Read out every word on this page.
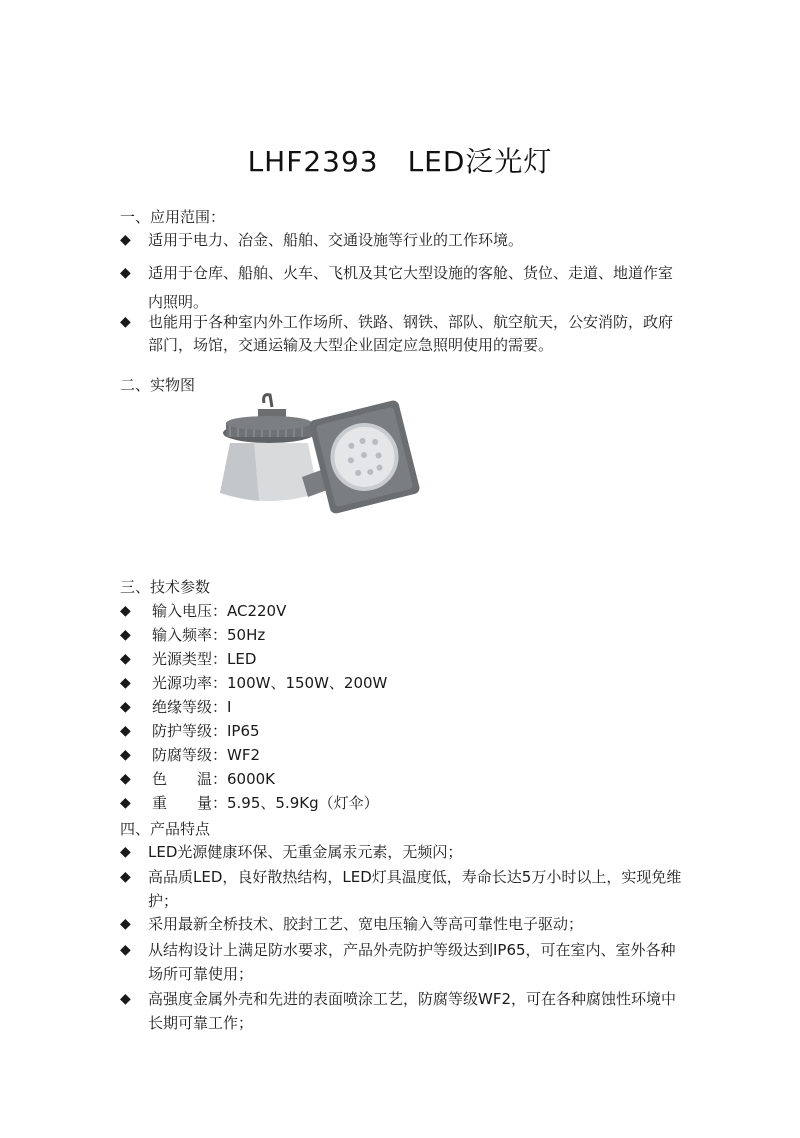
LHF2393　LED泛光灯
一、应用范围：
◆ 适用于电力、冶金、船舶、交通设施等行业的工作环境。
◆ 适用于仓库、船舶、火车、飞机及其它大型设施的客舱、货位、走道、地道作室内照明。
◆ 也能用于各种室内外工作场所、铁路、钢铁、部队、航空航天，公安消防，政府部门，场馆，交通运输及大型企业固定应急照明使用的需要。
二、实物图
三、技术参数
◆ 输入电压：AC220V
◆ 输入频率：50Hz
◆ 光源类型：LED
◆ 光源功率：100W、150W、200W
◆ 绝缘等级：I
◆ 防护等级：IP65
◆ 防腐等级：WF2
◆ 色　　温：6000K
◆ 重　　量：5.95、5.9Kg（灯伞）
四、产品特点
◆ LED光源健康环保、无重金属汞元素，无频闪；
◆ 高品质LED，良好散热结构，LED灯具温度低，寿命长达5万小时以上，实现免维护；
◆ 采用最新全桥技术、胶封工艺、宽电压输入等高可靠性电子驱动；
◆ 从结构设计上满足防水要求，产品外壳防护等级达到IP65，可在室内、室外各种场所可靠使用；
◆ 高强度金属外壳和先进的表面喷涂工艺，防腐等级WF2，可在各种腐蚀性环境中长期可靠工作；
